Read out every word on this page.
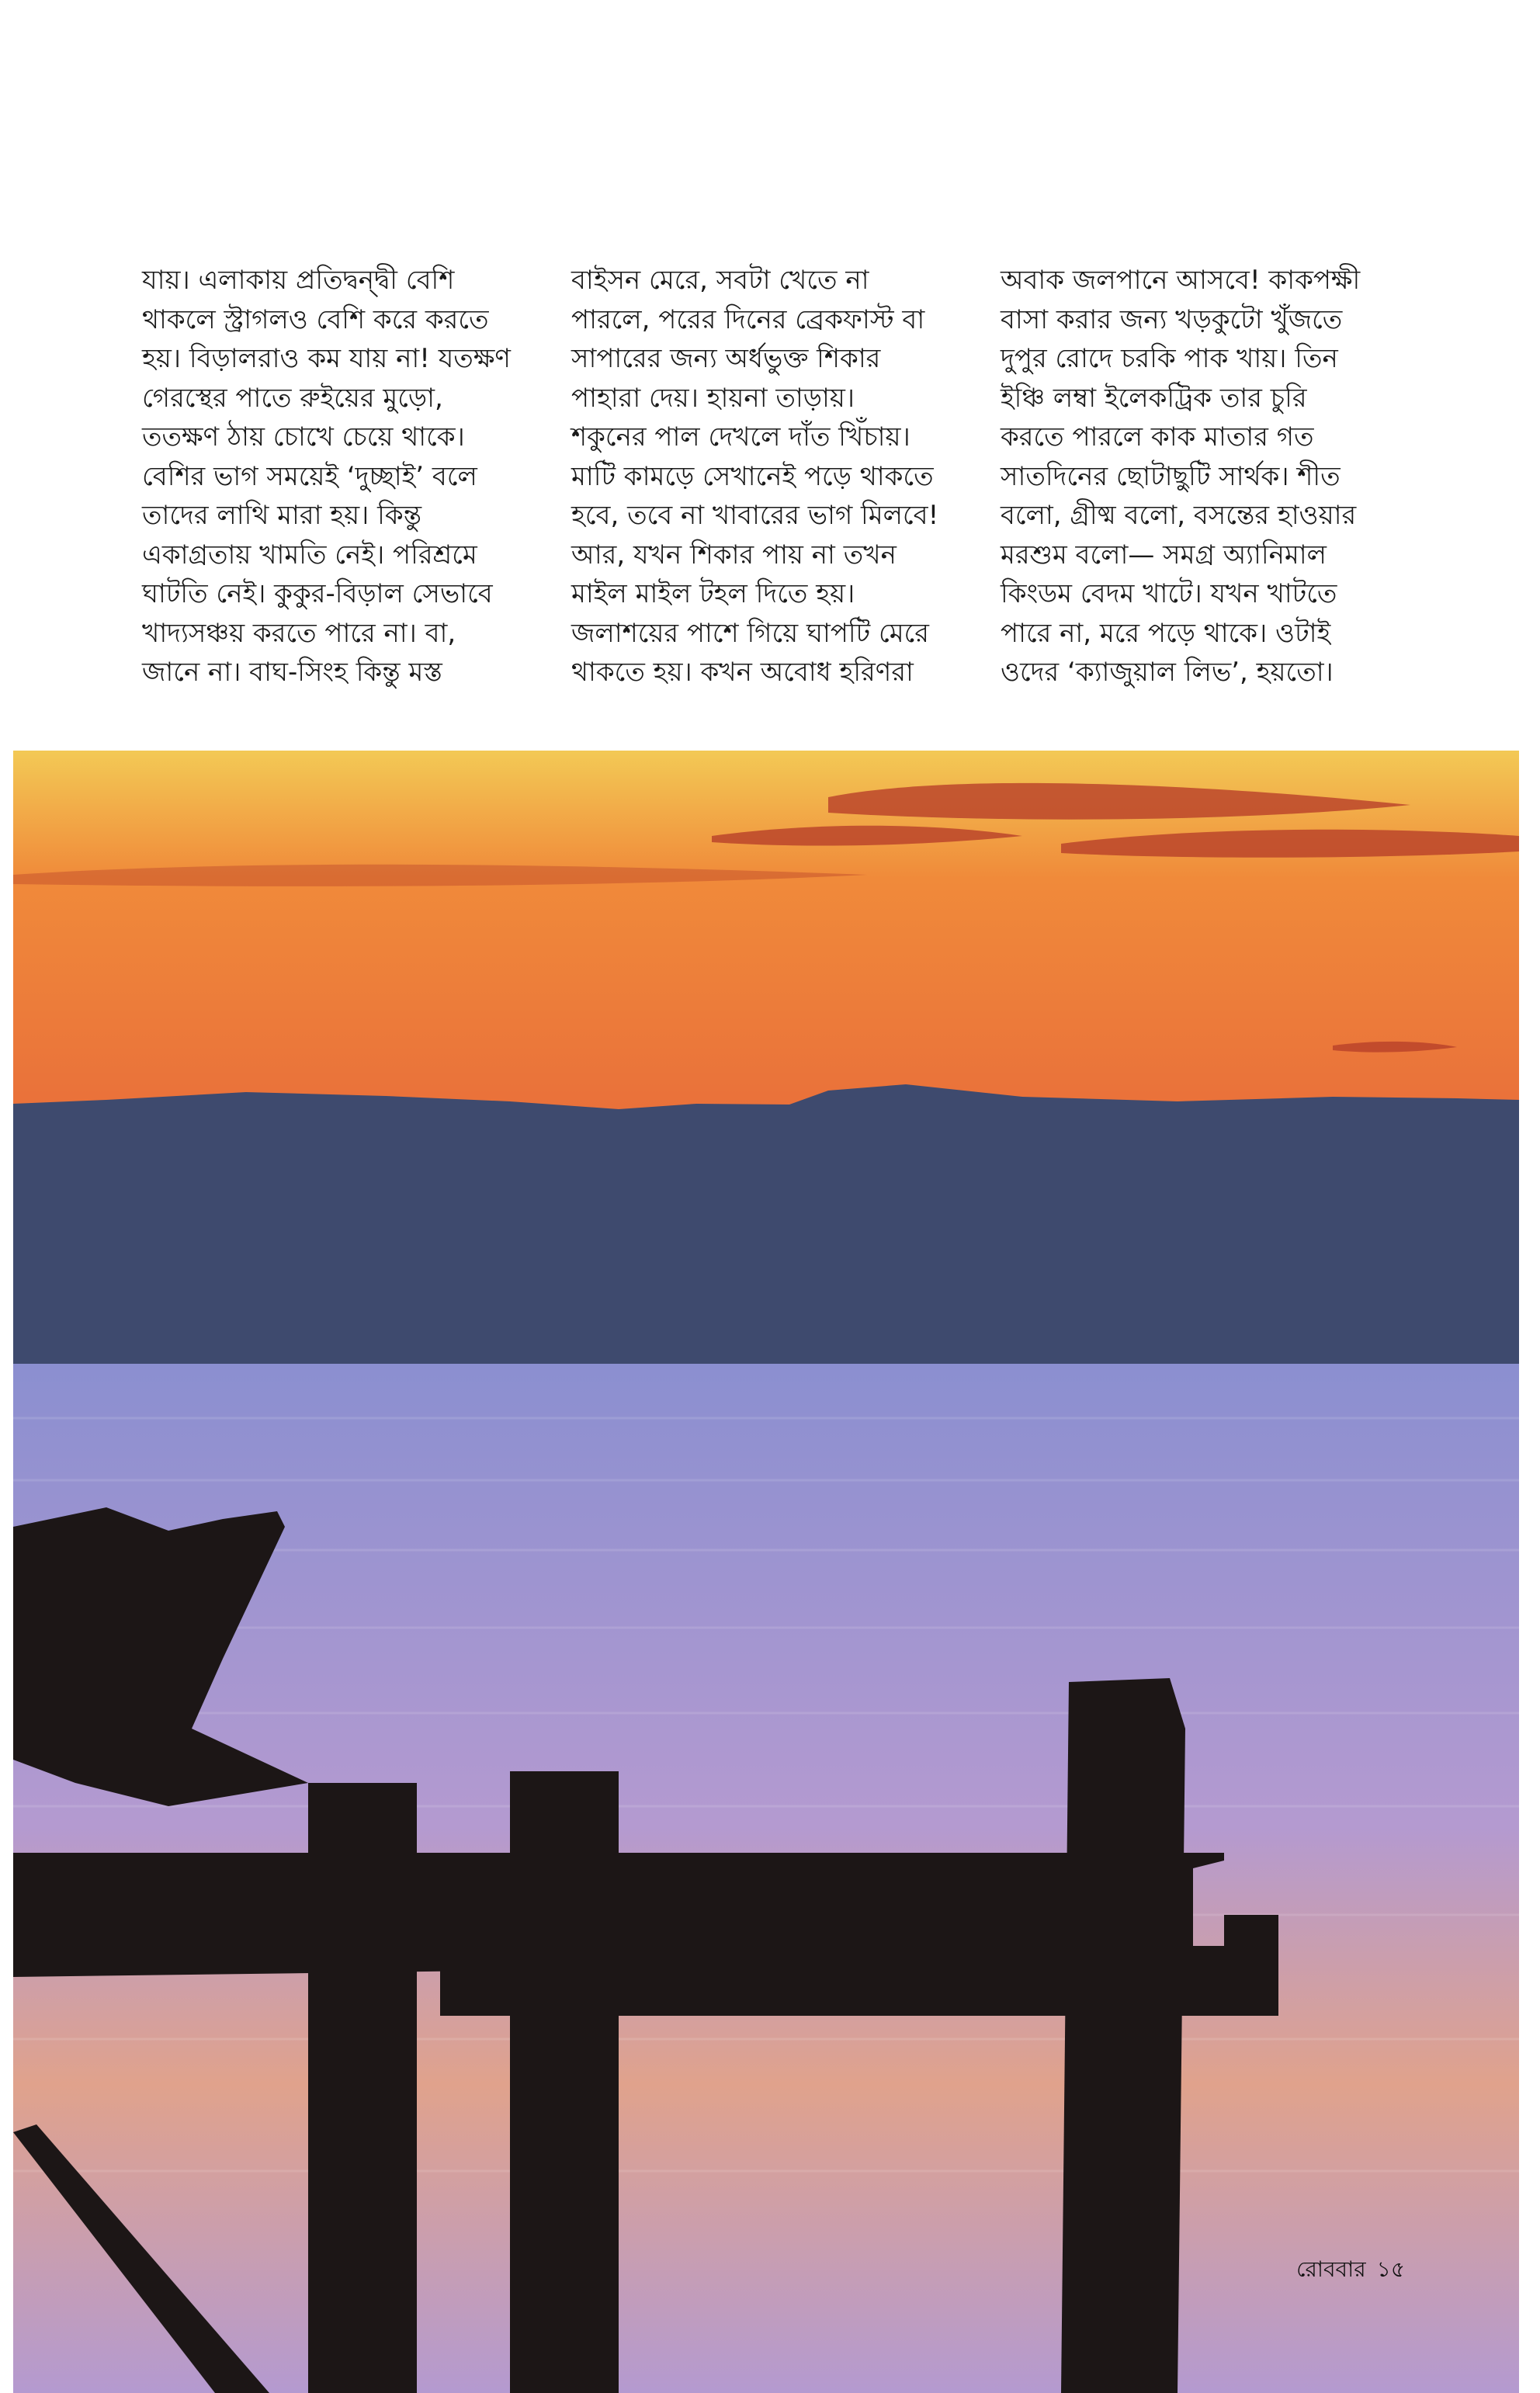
যায়। এলাকায় প্রতিদ্বন্দ্বী বেশি
থাকলে স্ট্রাগলও বেশি করে করতে
হয়। বিড়ালরাও কম যায় না! যতক্ষণ
গেরস্থের পাতে রুইয়ের মুড়ো,
ততক্ষণ ঠায় চোখে চেয়ে থাকে।
বেশির ভাগ সময়েই ‘দুচ্ছাই’ বলে
তাদের লাথি মারা হয়। কিন্তু
একাগ্রতায় খামতি নেই। পরিশ্রমে
ঘাটতি নেই। কুকুর-বিড়াল সেভাবে
খাদ্যসঞ্চয় করতে পারে না। বা,
জানে না। বাঘ-সিংহ কিন্তু মস্ত
বাইসন মেরে, সবটা খেতে না
পারলে, পরের দিনের ব্রেকফাস্ট বা
সাপারের জন্য অর্ধভুক্ত শিকার
পাহারা দেয়। হায়না তাড়ায়।
শকুনের পাল দেখলে দাঁত খিঁচায়।
মাটি কামড়ে সেখানেই পড়ে থাকতে
হবে, তবে না খাবারের ভাগ মিলবে!
আর, যখন শিকার পায় না তখন
মাইল মাইল টহল দিতে হয়।
জলাশয়ের পাশে গিয়ে ঘাপটি মেরে
থাকতে হয়। কখন অবোধ হরিণরা
অবাক জলপানে আসবে! কাকপক্ষী
বাসা করার জন্য খড়কুটো খুঁজতে
দুপুর রোদে চরকি পাক খায়। তিন
ইঞ্চি লম্বা ইলেকট্রিক তার চুরি
করতে পারলে কাক মাতার গত
সাতদিনের ছোটাছুটি সার্থক। শীত
বলো, গ্রীষ্ম বলো, বসন্তের হাওয়ার
মরশুম বলো— সমগ্র অ্যানিমাল
কিংডম বেদম খাটে। যখন খাটতে
পারে না, মরে পড়ে থাকে। ওটাই
ওদের ‘ক্যাজুয়াল লিভ’, হয়তো।
রোববার ১৫
